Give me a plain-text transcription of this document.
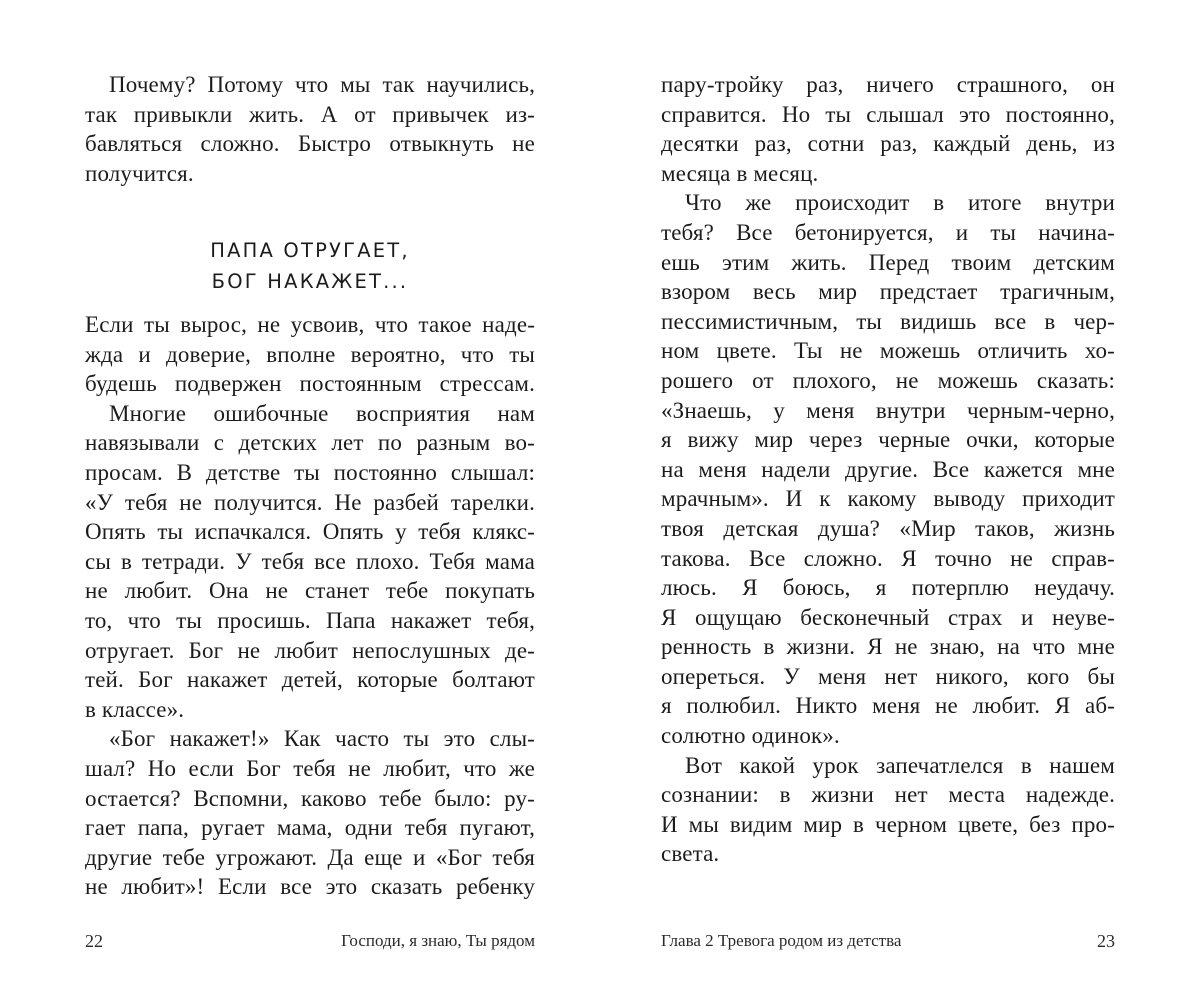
Почему? Потому что мы так научились,
так привыкли жить. А от привычек из-
бавляться сложно. Быстро отвыкнуть не
получится.
ПАПА ОТРУГАЕТ,
БОГ НАКАЖЕТ...
Если ты вырос, не усвоив, что такое наде-
жда и доверие, вполне вероятно, что ты
будешь подвержен постоянным стрессам.
Многие ошибочные восприятия нам
навязывали с детских лет по разным во-
просам. В детстве ты постоянно слышал:
«У тебя не получится. Не разбей тарелки.
Опять ты испачкался. Опять у тебя клякс-
сы в тетради. У тебя все плохо. Тебя мама
не любит. Она не станет тебе покупать
то, что ты просишь. Папа накажет тебя,
отругает. Бог не любит непослушных де-
тей. Бог накажет детей, которые болтают
в классе».
«Бог накажет!» Как часто ты это слы-
шал? Но если Бог тебя не любит, что же
остается? Вспомни, каково тебе было: ру-
гает папа, ругает мама, одни тебя пугают,
другие тебе угрожают. Да еще и «Бог тебя
не любит»! Если все это сказать ребенку
22	Господи, я знаю, Ты рядом
пару-тройку раз, ничего страшного, он
справится. Но ты слышал это постоянно,
десятки раз, сотни раз, каждый день, из
месяца в месяц.
Что же происходит в итоге внутри
тебя? Все бетонируется, и ты начина-
ешь этим жить. Перед твоим детским
взором весь мир предстает трагичным,
пессимистичным, ты видишь все в чер-
ном цвете. Ты не можешь отличить хо-
рошего от плохого, не можешь сказать:
«Знаешь, у меня внутри черным-черно,
я вижу мир через черные очки, которые
на меня надели другие. Все кажется мне
мрачным». И к какому выводу приходит
твоя детская душа? «Мир таков, жизнь
такова. Все сложно. Я точно не справ-
люсь. Я боюсь, я потерплю неудачу.
Я ощущаю бесконечный страх и неуве-
ренность в жизни. Я не знаю, на что мне
опереться. У меня нет никого, кого бы
я полюбил. Никто меня не любит. Я аб-
солютно одинок».
Вот какой урок запечатлелся в нашем
сознании: в жизни нет места надежде.
И мы видим мир в черном цвете, без про-
света.
Глава 2 Тревога родом из детства	23
